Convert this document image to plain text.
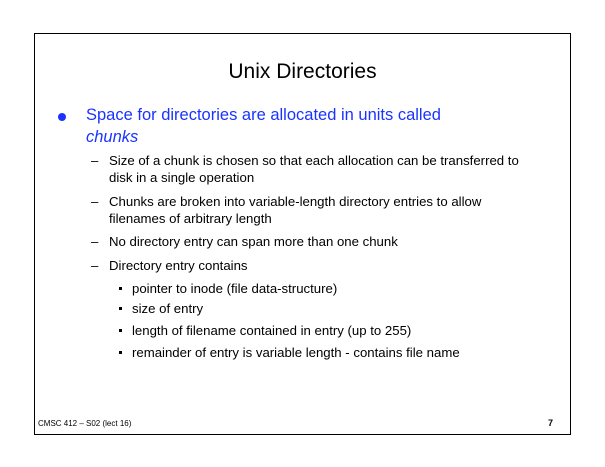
Unix Directories
Space for directories are allocated in units called
chunks
– Size of a chunk is chosen so that each allocation can be transferred to disk in a single operation
– Chunks are broken into variable-length directory entries to allow filenames of arbitrary length
– No directory entry can span more than one chunk
– Directory entry contains
pointer to inode (file data-structure)
size of entry
length of filename contained in entry (up to 255)
remainder of entry is variable length - contains file name
CMSC 412 – S02 (lect 16)	7
